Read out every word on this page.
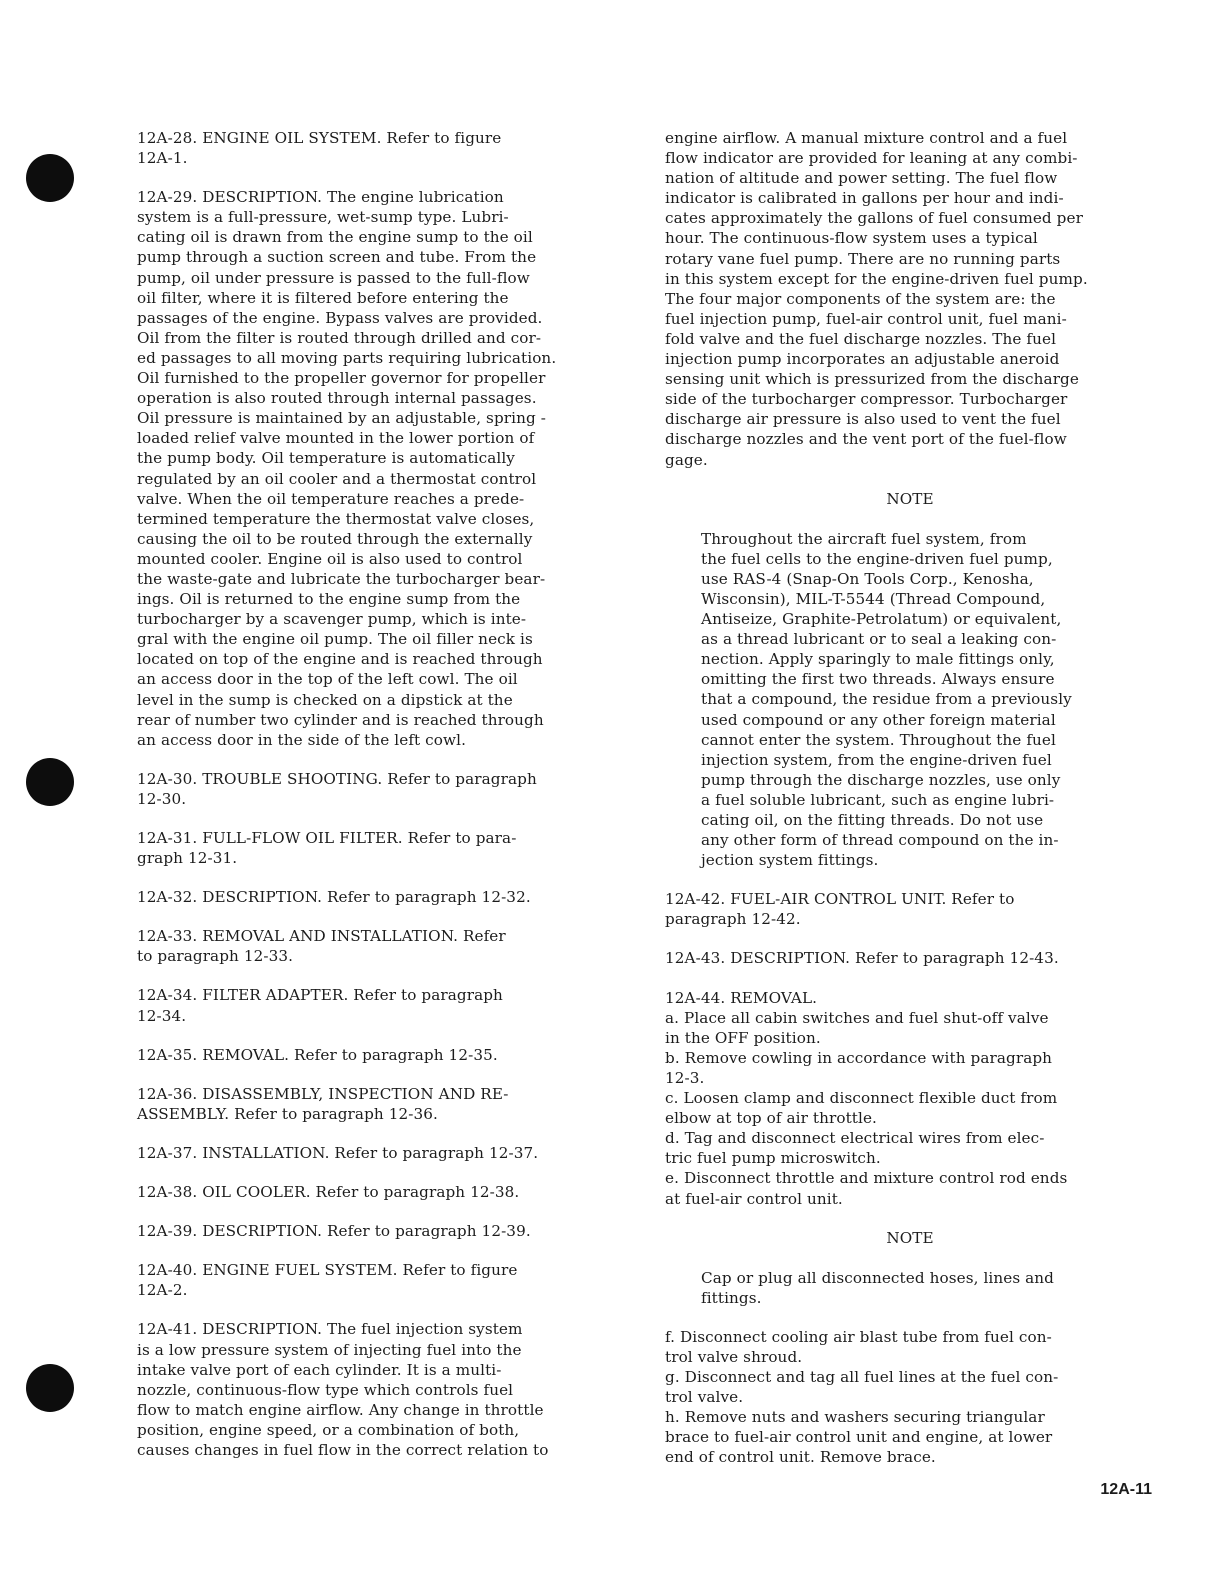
12A-28. ENGINE OIL SYSTEM. Refer to figure
12A-1.

12A-29. DESCRIPTION. The engine lubrication
system is a full-pressure, wet-sump type. Lubri-
cating oil is drawn from the engine sump to the oil
pump through a suction screen and tube. From the
pump, oil under pressure is passed to the full-flow
oil filter, where it is filtered before entering the
passages of the engine. Bypass valves are provided.
Oil from the filter is routed through drilled and cor-
ed passages to all moving parts requiring lubrication.
Oil furnished to the propeller governor for propeller
operation is also routed through internal passages.
Oil pressure is maintained by an adjustable, spring -
loaded relief valve mounted in the lower portion of
the pump body. Oil temperature is automatically
regulated by an oil cooler and a thermostat control
valve. When the oil temperature reaches a prede-
termined temperature the thermostat valve closes,
causing the oil to be routed through the externally
mounted cooler. Engine oil is also used to control
the waste-gate and lubricate the turbocharger bear-
ings. Oil is returned to the engine sump from the
turbocharger by a scavenger pump, which is inte-
gral with the engine oil pump. The oil filler neck is
located on top of the engine and is reached through
an access door in the top of the left cowl. The oil
level in the sump is checked on a dipstick at the
rear of number two cylinder and is reached through
an access door in the side of the left cowl.

12A-30. TROUBLE SHOOTING. Refer to paragraph
12-30.

12A-31. FULL-FLOW OIL FILTER. Refer to para-
graph 12-31.

12A-32. DESCRIPTION. Refer to paragraph 12-32.

12A-33. REMOVAL AND INSTALLATION. Refer
to paragraph 12-33.

12A-34. FILTER ADAPTER. Refer to paragraph
12-34.

12A-35. REMOVAL. Refer to paragraph 12-35.

12A-36. DISASSEMBLY, INSPECTION AND RE-
ASSEMBLY. Refer to paragraph 12-36.

12A-37. INSTALLATION. Refer to paragraph 12-37.

12A-38. OIL COOLER. Refer to paragraph 12-38.

12A-39. DESCRIPTION. Refer to paragraph 12-39.

12A-40. ENGINE FUEL SYSTEM. Refer to figure
12A-2.

12A-41. DESCRIPTION. The fuel injection system
is a low pressure system of injecting fuel into the
intake valve port of each cylinder. It is a multi-
nozzle, continuous-flow type which controls fuel
flow to match engine airflow. Any change in throttle
position, engine speed, or a combination of both,
causes changes in fuel flow in the correct relation to

engine airflow. A manual mixture control and a fuel
flow indicator are provided for leaning at any combi-
nation of altitude and power setting. The fuel flow
indicator is calibrated in gallons per hour and indi-
cates approximately the gallons of fuel consumed per
hour. The continuous-flow system uses a typical
rotary vane fuel pump. There are no running parts
in this system except for the engine-driven fuel pump.
The four major components of the system are: the
fuel injection pump, fuel-air control unit, fuel mani-
fold valve and the fuel discharge nozzles. The fuel
injection pump incorporates an adjustable aneroid
sensing unit which is pressurized from the discharge
side of the turbocharger compressor. Turbocharger
discharge air pressure is also used to vent the fuel
discharge nozzles and the vent port of the fuel-flow
gage.

NOTE

Throughout the aircraft fuel system, from
the fuel cells to the engine-driven fuel pump,
use RAS-4 (Snap-On Tools Corp., Kenosha,
Wisconsin), MIL-T-5544 (Thread Compound,
Antiseize, Graphite-Petrolatum) or equivalent,
as a thread lubricant or to seal a leaking con-
nection. Apply sparingly to male fittings only,
omitting the first two threads. Always ensure
that a compound, the residue from a previously
used compound or any other foreign material
cannot enter the system. Throughout the fuel
injection system, from the engine-driven fuel
pump through the discharge nozzles, use only
a fuel soluble lubricant, such as engine lubri-
cating oil, on the fitting threads. Do not use
any other form of thread compound on the in-
jection system fittings.

12A-42. FUEL-AIR CONTROL UNIT. Refer to
paragraph 12-42.

12A-43. DESCRIPTION. Refer to paragraph 12-43.

12A-44. REMOVAL.

a. Place all cabin switches and fuel shut-off valve
in the OFF position.

b. Remove cowling in accordance with paragraph
12-3.

c. Loosen clamp and disconnect flexible duct from
elbow at top of air throttle.

d. Tag and disconnect electrical wires from elec-
tric fuel pump microswitch.

e. Disconnect throttle and mixture control rod ends
at fuel-air control unit.

NOTE

Cap or plug all disconnected hoses, lines and
fittings.

f. Disconnect cooling air blast tube from fuel con-
trol valve shroud.

g. Disconnect and tag all fuel lines at the fuel con-
trol valve.

h. Remove nuts and washers securing triangular
brace to fuel-air control unit and engine, at lower
end of control unit. Remove brace.

12A-11
